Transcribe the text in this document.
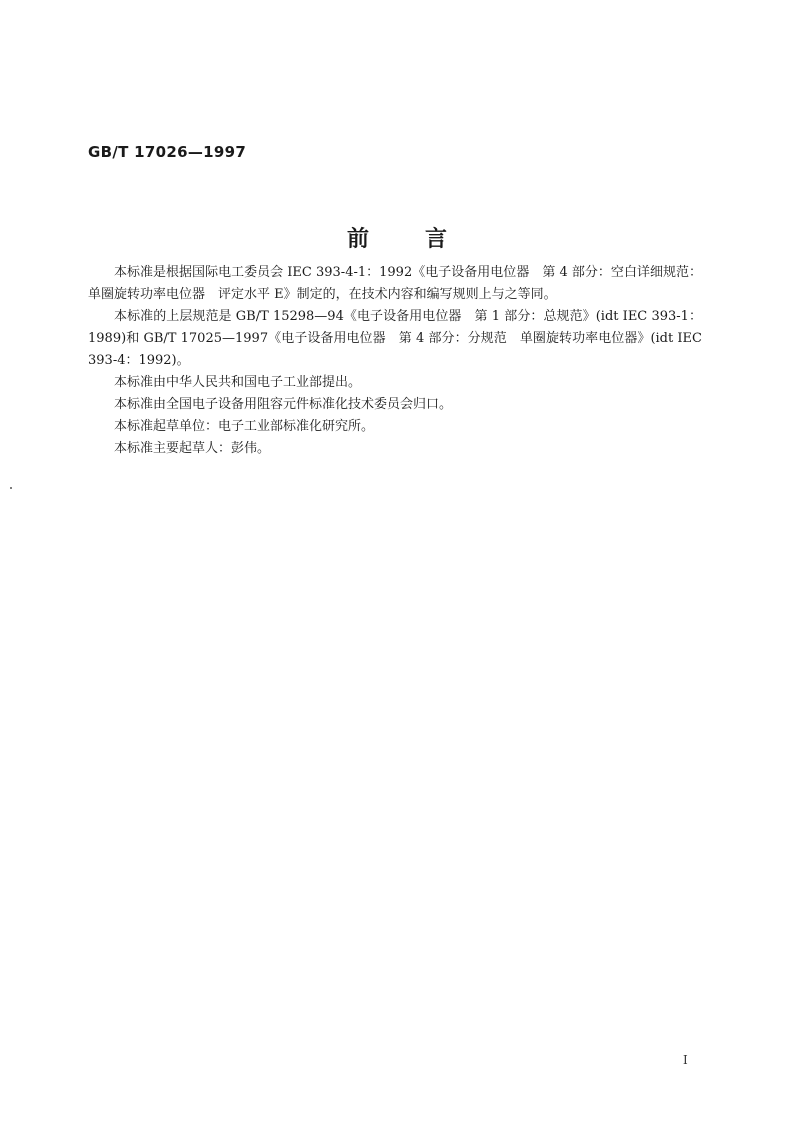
GB/T 17026—1997
前言

本标准是根据国际电工委员会 IEC 393-4-1：1992《电子设备用电位器　第 4 部分：空白详细规范：单圈旋转功率电位器　评定水平 E》制定的，在技术内容和编写规则上与之等同。

本标准的上层规范是 GB/T 15298—94《电子设备用电位器　第 1 部分：总规范》(idt IEC 393-1：1989)和 GB/T 17025—1997《电子设备用电位器　第 4 部分：分规范　单圈旋转功率电位器》(idt IEC 393-4：1992)。

本标准由中华人民共和国电子工业部提出。

本标准由全国电子设备用阻容元件标准化技术委员会归口。

本标准起草单位：电子工业部标准化研究所。

本标准主要起草人：彭伟。

I
